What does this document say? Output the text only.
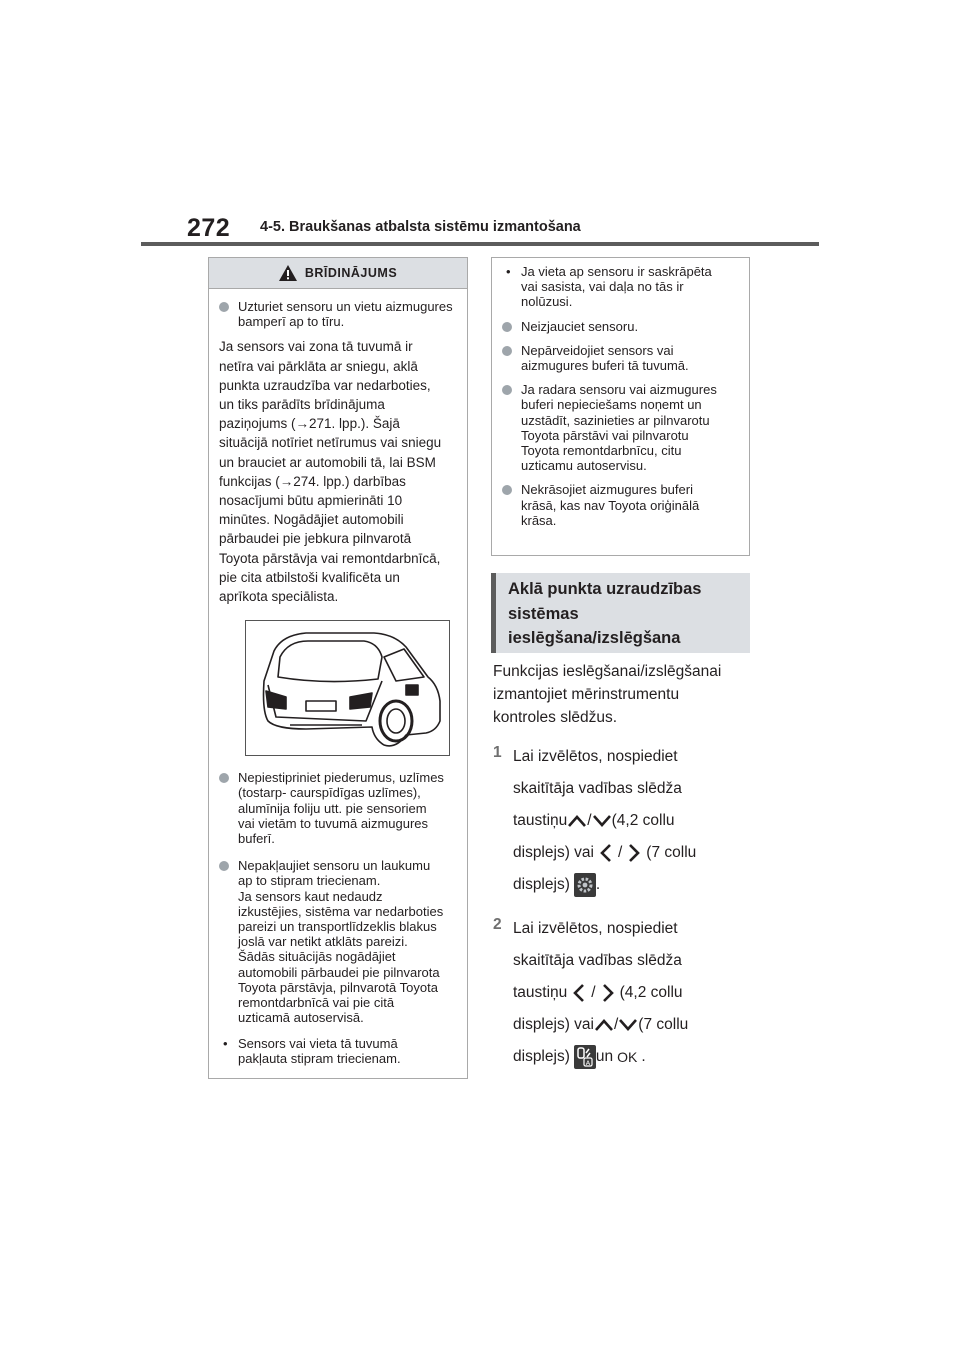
272 4-5. Braukšanas atbalsta sistēmu izmantošana
BRĪDINĀJUMS
Uzturiet sensoru un vietu aizmugures bamperī ap to tīru.
Ja sensors vai zona tā tuvumā ir
netīra vai pārklāta ar sniegu, aklā
punkta uzraudzība var nedarboties,
un tiks parādīts brīdinājuma
paziņojums (→271. lpp.). Šajā
situācijā notīriet netīrumus vai sniegu
un brauciet ar automobili tā, lai BSM
funkcijas (→274. lpp.) darbības
nosacījumi būtu apmierināti 10
minūtes. Nogādājiet automobili
pārbaudei pie jebkura pilnvarotā
Toyota pārstāvja vai remontdarbnīcā,
pie cita atbilstoši kvalificēta un
aprīkota speciālista.
Nepiestipriniet piederumus, uzlīmes
(tostarp- caurspīdīgas uzlīmes),
alumīnija foliju utt. pie sensoriem
vai vietām to tuvumā aizmugures
buferī.
Nepakļaujiet sensoru un laukumu
ap to stipram triecienam.
Ja sensors kaut nedaudz
izkustējies, sistēma var nedarboties
pareizi un transportlīdzeklis blakus
joslā var netikt atklāts pareizi.
Šādās situācijās nogādājiet
automobili pārbaudei pie pilnvarota
Toyota pārstāvja, pilnvarotā Toyota
remontdarbnīcā vai pie citā
uzticamā autoservisā.
• Sensors vai vieta tā tuvumā
pakļauta stipram triecienam.
• Ja vieta ap sensoru ir saskrāpēta
vai sasista, vai daļa no tās ir
nolūzusi.
Neizjauciet sensoru.
Nepārveidojiet sensors vai
aizmugures buferi tā tuvumā.
Ja radara sensoru vai aizmugures
buferi nepieciešams noņemt un
uzstādīt, sazinieties ar pilnvarotu
Toyota pārstāvi vai pilnvarotu
Toyota remontdarbnīcu, citu
uzticamu autoservisu.
Nekrāsojiet aizmugures buferi
krāsā, kas nav Toyota oriģinālā
krāsa.
Aklā punkta uzraudzības
sistēmas
ieslēgšana/izslēgšana
Funkcijas ieslēgšanai/izslēgšanai
izmantojiet mērinstrumentu
kontroles slēdžus.
1 Lai izvēlētos, nospiediet
skaitītāja vadības slēdža
taustiņu / (4,2 collu
displejs) vai / (7 collu
displejs) .
2 Lai izvēlētos, nospiediet
skaitītāja vadības slēdža
taustiņu / (4,2 collu
displejs) vai / (7 collu
displejs) A un OK .
